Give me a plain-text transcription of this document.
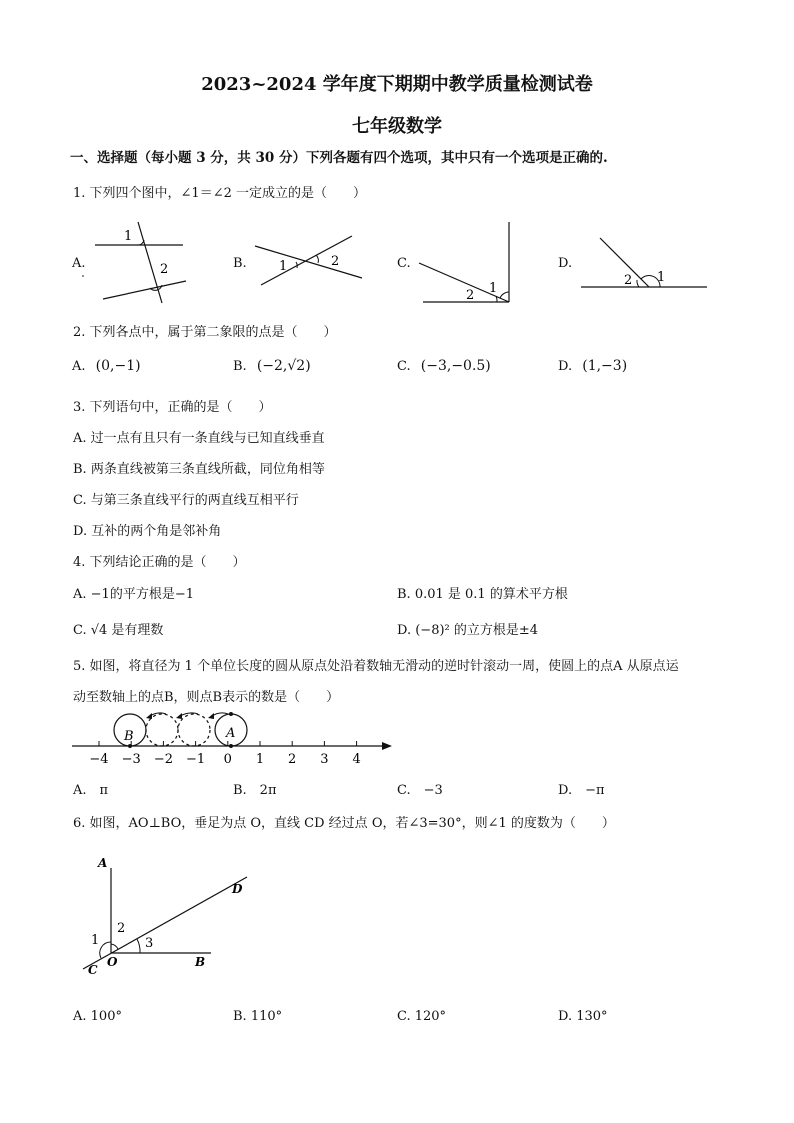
2023~2024 学年度下期期中教学质量检测试卷
七年级数学
一、选择题（每小题 3 分，共 30 分）下列各题有四个选项，其中只有一个选项是正确的.
1. 下列四个图中，∠1＝∠2 一定成立的是（　　）
A.
1
2	1	2
2 1
2 1
B.	C.	D.
2. 下列各点中，属于第二象限的点是（　　）
A. (0,−1)	B. (−2,√2)	C. (−3,−0.5)	D. (1,−3)
3. 下列语句中，正确的是（　　）
A. 过一点有且只有一条直线与已知直线垂直
B. 两条直线被第三条直线所截，同位角相等
C. 与第三条直线平行的两直线互相平行
D. 互补的两个角是邻补角
4. 下列结论正确的是（　　）
A. −1的平方根是−1	B. 0.01 是 0.1 的算术平方根
C. √4 是有理数	D. (−8)² 的立方根是±4
5. 如图，将直径为 1 个单位长度的圆从原点处沿着数轴无滑动的逆时针滚动一周，使圆上的点A 从原点运
动至数轴上的点B，则点B表示的数是（　　）
−4 −3 −2 −1 0 1 2 3 4
B	A
A.　π	B.　2π	C.　−3	D.　−π
6. 如图，AO⊥BO，垂足为点 O，直线 CD 经过点 O，若∠3=30°，则∠1 的度数为（　　）
A
D
B
C
O
1
2
3
A. 100°	B. 110°	C. 120°	D. 130°
